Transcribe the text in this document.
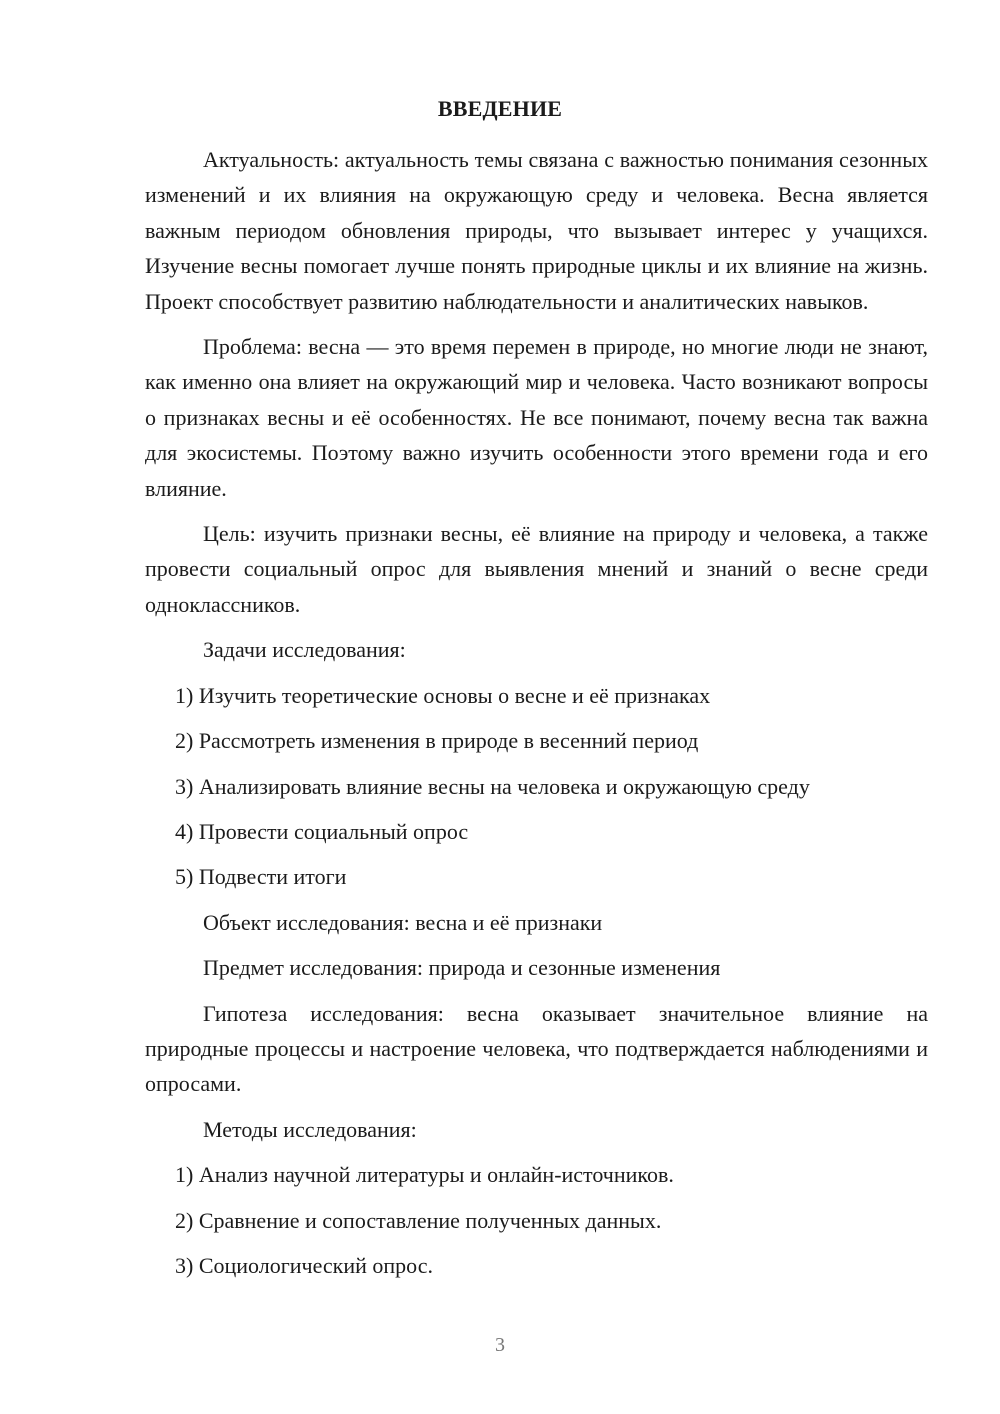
ВВЕДЕНИЕ

Актуальность: актуальность темы связана с важностью понимания сезонных изменений и их влияния на окружающую среду и человека. Весна является важным периодом обновления природы, что вызывает интерес у учащихся. Изучение весны помогает лучше понять природные циклы и их влияние на жизнь. Проект способствует развитию наблюдательности и аналитических навыков.

Проблема: весна — это время перемен в природе, но многие люди не знают, как именно она влияет на окружающий мир и человека. Часто возникают вопросы о признаках весны и её особенностях. Не все понимают, почему весна так важна для экосистемы. Поэтому важно изучить особенности этого времени года и его влияние.

Цель: изучить признаки весны, её влияние на природу и человека, а также провести социальный опрос для выявления мнений и знаний о весне среди одноклассников.

Задачи исследования:
1) Изучить теоретические основы о весне и её признаках
2) Рассмотреть изменения в природе в весенний период
3) Анализировать влияние весны на человека и окружающую среду
4) Провести социальный опрос
5) Подвести итоги
Объект исследования: весна и её признаки
Предмет исследования: природа и сезонные изменения

Гипотеза исследования: весна оказывает значительное влияние на природные процессы и настроение человека, что подтверждается наблюдениями и опросами.

Методы исследования:
1) Анализ научной литературы и онлайн-источников.
2) Сравнение и сопоставление полученных данных.
3) Социологический опрос.
3
